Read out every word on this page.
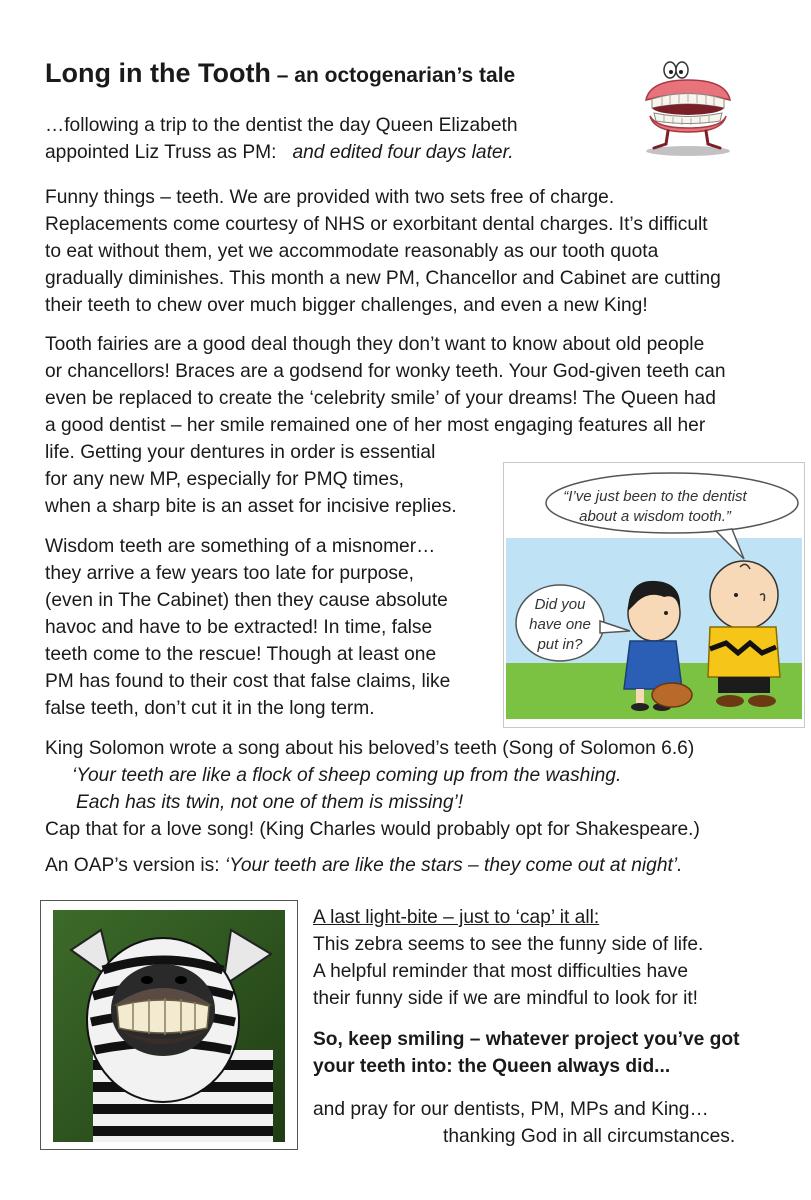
Long in the Tooth – an octogenarian’s tale
…following a trip to the dentist the day Queen Elizabeth
appointed Liz Truss as PM: and edited four days later.
Funny things – teeth. We are provided with two sets free of charge.
Replacements come courtesy of NHS or exorbitant dental charges. It’s difficult
to eat without them, yet we accommodate reasonably as our tooth quota
gradually diminishes. This month a new PM, Chancellor and Cabinet are cutting
their teeth to chew over much bigger challenges, and even a new King!
Tooth fairies are a good deal though they don’t want to know about old people
or chancellors! Braces are a godsend for wonky teeth. Your God-given teeth can
even be replaced to create the ‘celebrity smile’ of your dreams! The Queen had
a good dentist – her smile remained one of her most engaging features all her
life. Getting your dentures in order is essential
for any new MP, especially for PMQ times,
when a sharp bite is an asset for incisive replies.
Wisdom teeth are something of a misnomer…
they arrive a few years too late for purpose,
(even in The Cabinet) then they cause absolute
havoc and have to be extracted! In time, false
teeth come to the rescue! Though at least one
PM has found to their cost that false claims, like
false teeth, don’t cut it in the long term.
“I’ve just been to the dentist
about a wisdom tooth.”
Did you
have one
put in?
King Solomon wrote a song about his beloved’s teeth (Song of Solomon 6.6)
‘Your teeth are like a flock of sheep coming up from the washing.
Each has its twin, not one of them is missing’!
Cap that for a love song! (King Charles would probably opt for Shakespeare.)
An OAP’s version is: ‘Your teeth are like the stars – they come out at night’.
A last light-bite – just to ‘cap’ it all:
This zebra seems to see the funny side of life.
A helpful reminder that most difficulties have
their funny side if we are mindful to look for it!
So, keep smiling – whatever project you’ve got
your teeth into: the Queen always did...
and pray for our dentists, PM, MPs and King…
thanking God in all circumstances.
